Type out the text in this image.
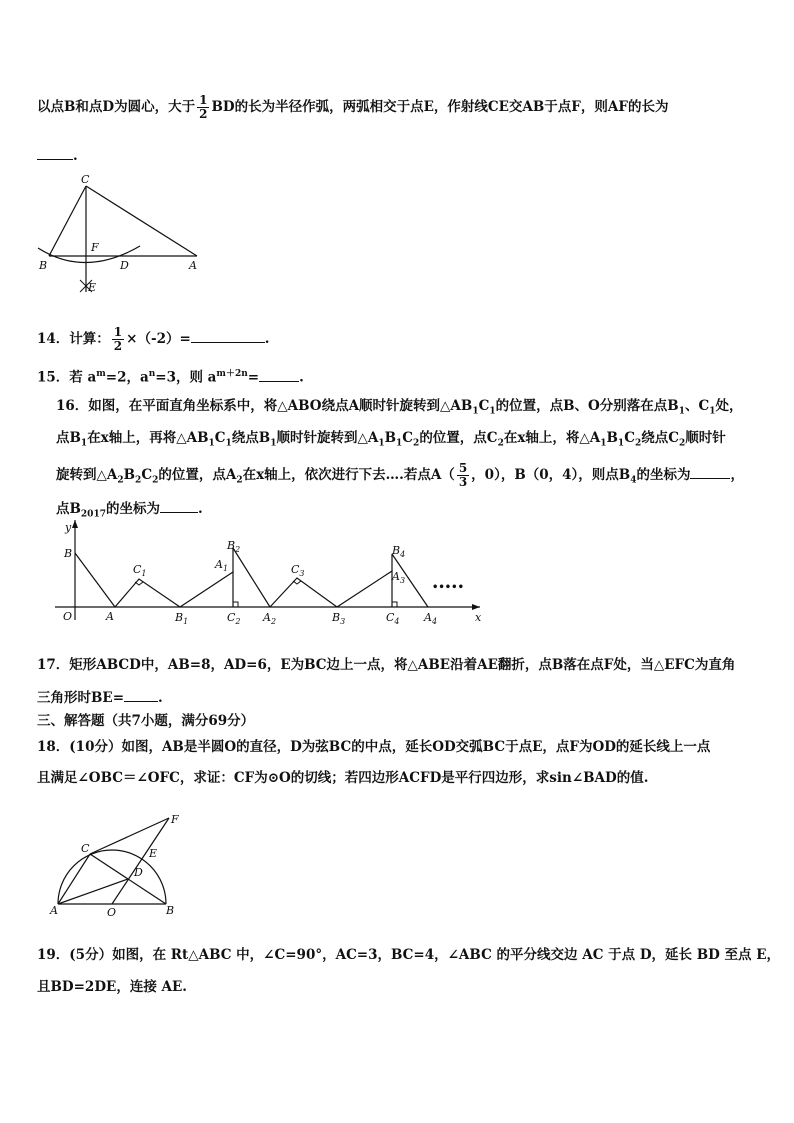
以点B和点D为圆心，大于 $\frac{1}{2}$ BD的长为半径作弧，两弧相交于点E，作射线CE交AB于点F，则AF的长为
.
C
F
B	D	A
E
14．计算： $\frac{1}{2} \times(-2)=$	.
15．若 $a^m=2$，$a^n=3$，则 $a^{m+2n}=$	.
16．如图，在平面直角坐标系中，将△ABO绕点A顺时针旋转到$\triangle AB_1C_1$的位置，点B、O分别落在点$B_1$、$C_1$处，
点$B_1$在x轴上，再将$\triangle AB_1C_1$绕点$B_1$顺时针旋转到$\triangle A_1B_1C_2$的位置，点$C_2$在x轴上，将$\triangle A_1B_1C_2$绕点$C_2$顺时针
旋转到$\triangle A_2B_2C_2$的位置，点$A_2$在x轴上，依次进行下去….若点$A( \frac{5}{3}$ ，0），B（0，4），则点$B_4$的坐标为	，
点$B_{2017}$的坐标为	.
y
x
O
B
A
$C_1$
$B_1$
$B_2$
$A_1$
$C_2$ $A_2$
$C_3$
$B_3$
$B_4$
$A_3$
$C_4$ $A_4$
•••••
17．矩形ABCD中，AB=8，AD=6，E为BC边上一点，将△ABE沿着AE翻折，点B落在点F处，当△EFC为直角
三角形时BE=	.
三、解答题（共7小题，满分69分）
18．(10分）如图，AB是半圆O的直径，D为弦BC的中点，延长OD交弧BC于点E，点F为OD的延长线上一点
且满足∠OBC＝∠OFC，求证：CF为⊙O的切线；若四边形ACFD是平行四边形，求sin∠BAD的值.
F
C	E
D
A	O	B
19．(5分）如图，在 Rt△ABC 中，∠C=90°，AC=3，BC=4，∠ABC 的平分线交边 AC 于点 D，延长 BD 至点 E，
且BD=2DE，连接 AE.
